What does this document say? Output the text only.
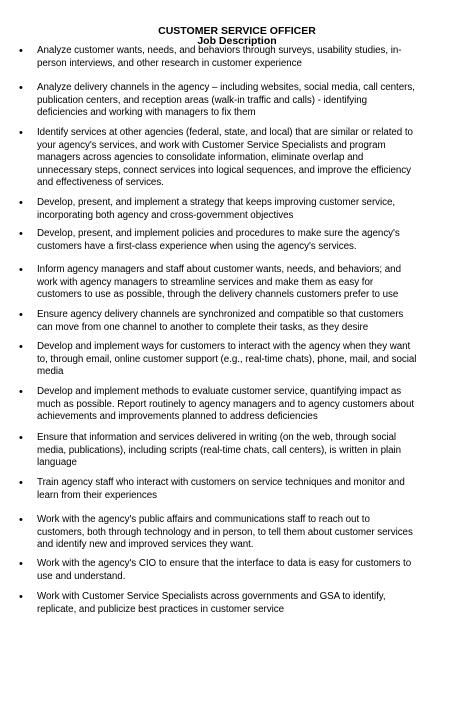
CUSTOMER SERVICE OFFICER
Job Description
• Analyze customer wants, needs, and behaviors through surveys, usability studies, in-
person interviews, and other research in customer experience
• Analyze delivery channels in the agency – including websites, social media, call centers,
publication centers, and reception areas (walk-in traffic and calls) - identifying
deficiencies and working with managers to fix them
• Identify services at other agencies (federal, state, and local) that are similar or related to
your agency's services, and work with Customer Service Specialists and program
managers across agencies to consolidate information, eliminate overlap and
unnecessary steps, connect services into logical sequences, and improve the efficiency
and effectiveness of services.
• Develop, present, and implement a strategy that keeps improving customer service,
incorporating both agency and cross-government objectives
• Develop, present, and implement policies and procedures to make sure the agency's
customers have a first-class experience when using the agency's services.
• Inform agency managers and staff about customer wants, needs, and behaviors; and
work with agency managers to streamline services and make them as easy for
customers to use as possible, through the delivery channels customers prefer to use
• Ensure agency delivery channels are synchronized and compatible so that customers
can move from one channel to another to complete their tasks, as they desire
• Develop and implement ways for customers to interact with the agency when they want
to, through email, online customer support (e.g., real-time chats), phone, mail, and social
media
• Develop and implement methods to evaluate customer service, quantifying impact as
much as possible. Report routinely to agency managers and to agency customers about
achievements and improvements planned to address deficiencies
• Ensure that information and services delivered in writing (on the web, through social
media, publications), including scripts (real-time chats, call centers), is written in plain
language
• Train agency staff who interact with customers on service techniques and monitor and
learn from their experiences
• Work with the agency's public affairs and communications staff to reach out to
customers, both through technology and in person, to tell them about customer services
and identify new and improved services they want.
• Work with the agency's CIO to ensure that the interface to data is easy for customers to
use and understand.
• Work with Customer Service Specialists across governments and GSA to identify,
replicate, and publicize best practices in customer service
